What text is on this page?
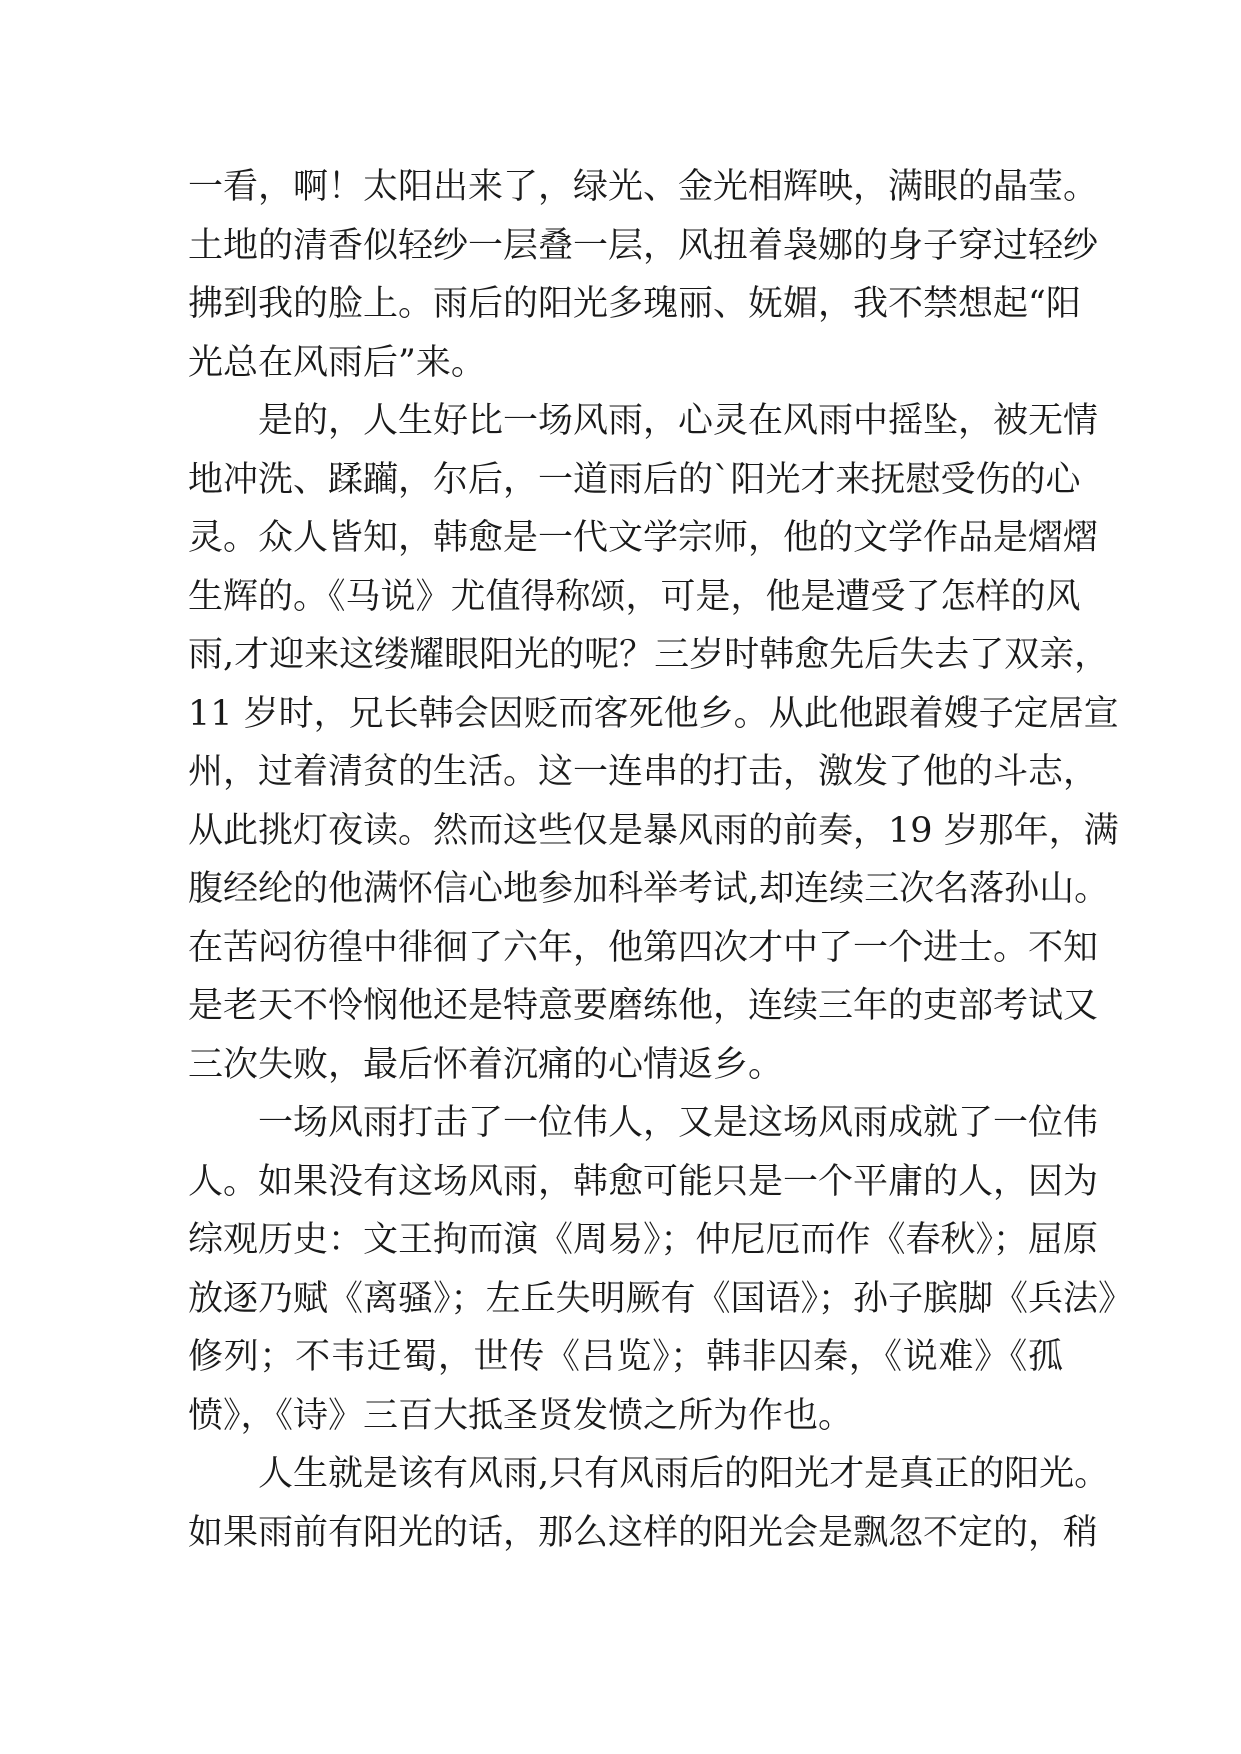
一看，啊！太阳出来了，绿光、金光相辉映，满眼的晶莹。
土地的清香似轻纱一层叠一层，风扭着袅娜的身子穿过轻纱
拂到我的脸上。雨后的阳光多瑰丽、妩媚，我不禁想起“阳
光总在风雨后”来。
是的，人生好比一场风雨，心灵在风雨中摇坠，被无情
地冲洗、蹂躏，尔后，一道雨后的`阳光才来抚慰受伤的心
灵。众人皆知，韩愈是一代文学宗师，他的文学作品是熠熠
生辉的。《马说》尤值得称颂，可是，他是遭受了怎样的风
雨,才迎来这缕耀眼阳光的呢？三岁时韩愈先后失去了双亲，
11 岁时，兄长韩会因贬而客死他乡。从此他跟着嫂子定居宣
州，过着清贫的生活。这一连串的打击，激发了他的斗志，
从此挑灯夜读。然而这些仅是暴风雨的前奏，19 岁那年，满
腹经纶的他满怀信心地参加科举考试,却连续三次名落孙山。
在苦闷彷徨中徘徊了六年，他第四次才中了一个进士。不知
是老天不怜悯他还是特意要磨练他，连续三年的吏部考试又
三次失败，最后怀着沉痛的心情返乡。
一场风雨打击了一位伟人，又是这场风雨成就了一位伟
人。如果没有这场风雨，韩愈可能只是一个平庸的人，因为
综观历史：文王拘而演《周易》；仲尼厄而作《春秋》；屈原
放逐乃赋《离骚》；左丘失明厥有《国语》；孙子膑脚《兵法》
修列；不韦迁蜀，世传《吕览》；韩非囚秦，《说难》《孤
愤》，《诗》三百大抵圣贤发愤之所为作也。
人生就是该有风雨,只有风雨后的阳光才是真正的阳光。
如果雨前有阳光的话，那么这样的阳光会是飘忽不定的，稍
